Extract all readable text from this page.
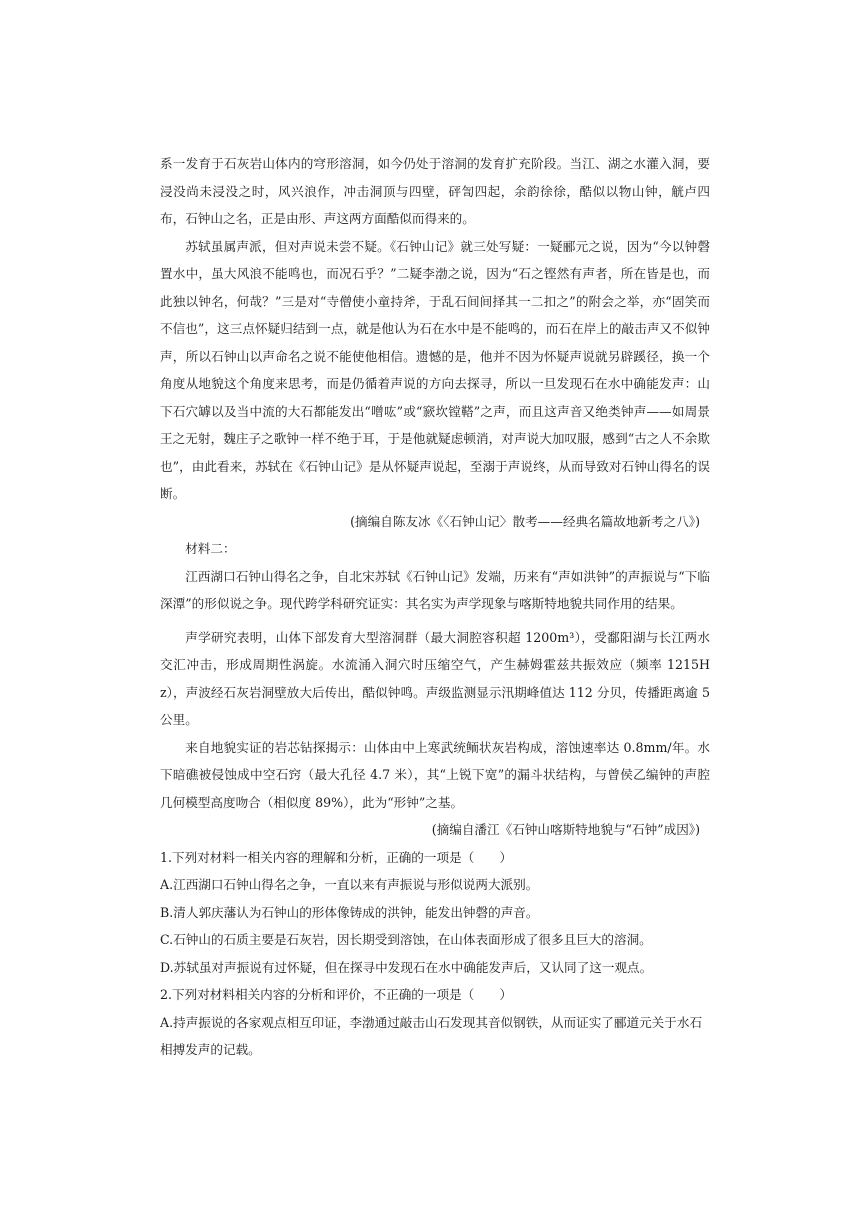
系一发育于石灰岩山体内的穹形溶洞，如今仍处于溶洞的发育扩充阶段。当江、湖之水灌入洞，要浸没尚未浸没之时，风兴浪作，冲击洞顶与四壁，砰訇四起，余韵徐徐，酷似以物山钟，觥卢四布，石钟山之名，正是由形、声这两方面酷似而得来的。

苏轼虽属声派，但对声说未尝不疑。《石钟山记》就三处写疑：一疑郦元之说，因为“今以钟磬置水中，虽大风浪不能鸣也，而况石乎？”二疑李渤之说，因为“石之铿然有声者，所在皆是也，而此独以钟名，何哉？”三是对“寺僧使小童持斧，于乱石间间择其一二扣之”的附会之举，亦“固笑而不信也”，这三点怀疑归结到一点，就是他认为石在水中是不能鸣的，而石在岸上的敲击声又不似钟声，所以石钟山以声命名之说不能使他相信。遗憾的是，他并不因为怀疑声说就另辟蹊径，换一个角度从地貌这个角度来思考，而是仍循着声说的方向去探寻，所以一旦发现石在水中确能发声：山下石穴罅以及当中流的大石都能发出“噌吰”或“窾坎镗鞳”之声，而且这声音又绝类钟声——如周景王之无射，魏庄子之歌钟一样不绝于耳，于是他就疑虑顿消，对声说大加叹服，感到“古之人不余欺也”，由此看来，苏轼在《石钟山记》是从怀疑声说起，至溺于声说终，从而导致对石钟山得名的误断。

(摘编自陈友冰《〈石钟山记〉散考——经典名篇故地新考之八》)

材料二：

江西湖口石钟山得名之争，自北宋苏轼《石钟山记》发端，历来有“声如洪钟”的声振说与“下临深潭”的形似说之争。现代跨学科研究证实：其名实为声学现象与喀斯特地貌共同作用的结果。

声学研究表明，山体下部发育大型溶洞群（最大洞腔容积超 1200m³），受鄱阳湖与长江两水交汇冲击，形成周期性涡旋。水流涌入洞穴时压缩空气，产生赫姆霍兹共振效应（频率 1215Hz），声波经石灰岩洞壁放大后传出，酷似钟鸣。声级监测显示汛期峰值达 112 分贝，传播距离逾 5 公里。

来自地貌实证的岩芯钻探揭示：山体由中上寒武统鲕状灰岩构成，溶蚀速率达 0.8mm/年。水下暗礁被侵蚀成中空石窍（最大孔径 4.7 米），其“上锐下宽”的漏斗状结构，与曾侯乙编钟的声腔几何模型高度吻合（相似度 89%），此为“形钟”之基。

(摘编自潘江《石钟山喀斯特地貌与“石钟”成因》)

1.下列对材料一相关内容的理解和分析，正确的一项是（　　）

A.江西湖口石钟山得名之争，一直以来有声振说与形似说两大派别。

B.清人郭庆藩认为石钟山的形体像铸成的洪钟，能发出钟磬的声音。

C.石钟山的石质主要是石灰岩，因长期受到溶蚀，在山体表面形成了很多且巨大的溶洞。

D.苏轼虽对声振说有过怀疑，但在探寻中发现石在水中确能发声后，又认同了这一观点。

2.下列对材料相关内容的分析和评价，不正确的一项是（　　）

A.持声振说的各家观点相互印证，李渤通过敲击山石发现其音似钢铁，从而证实了郦道元关于水石相搏发声的记载。
